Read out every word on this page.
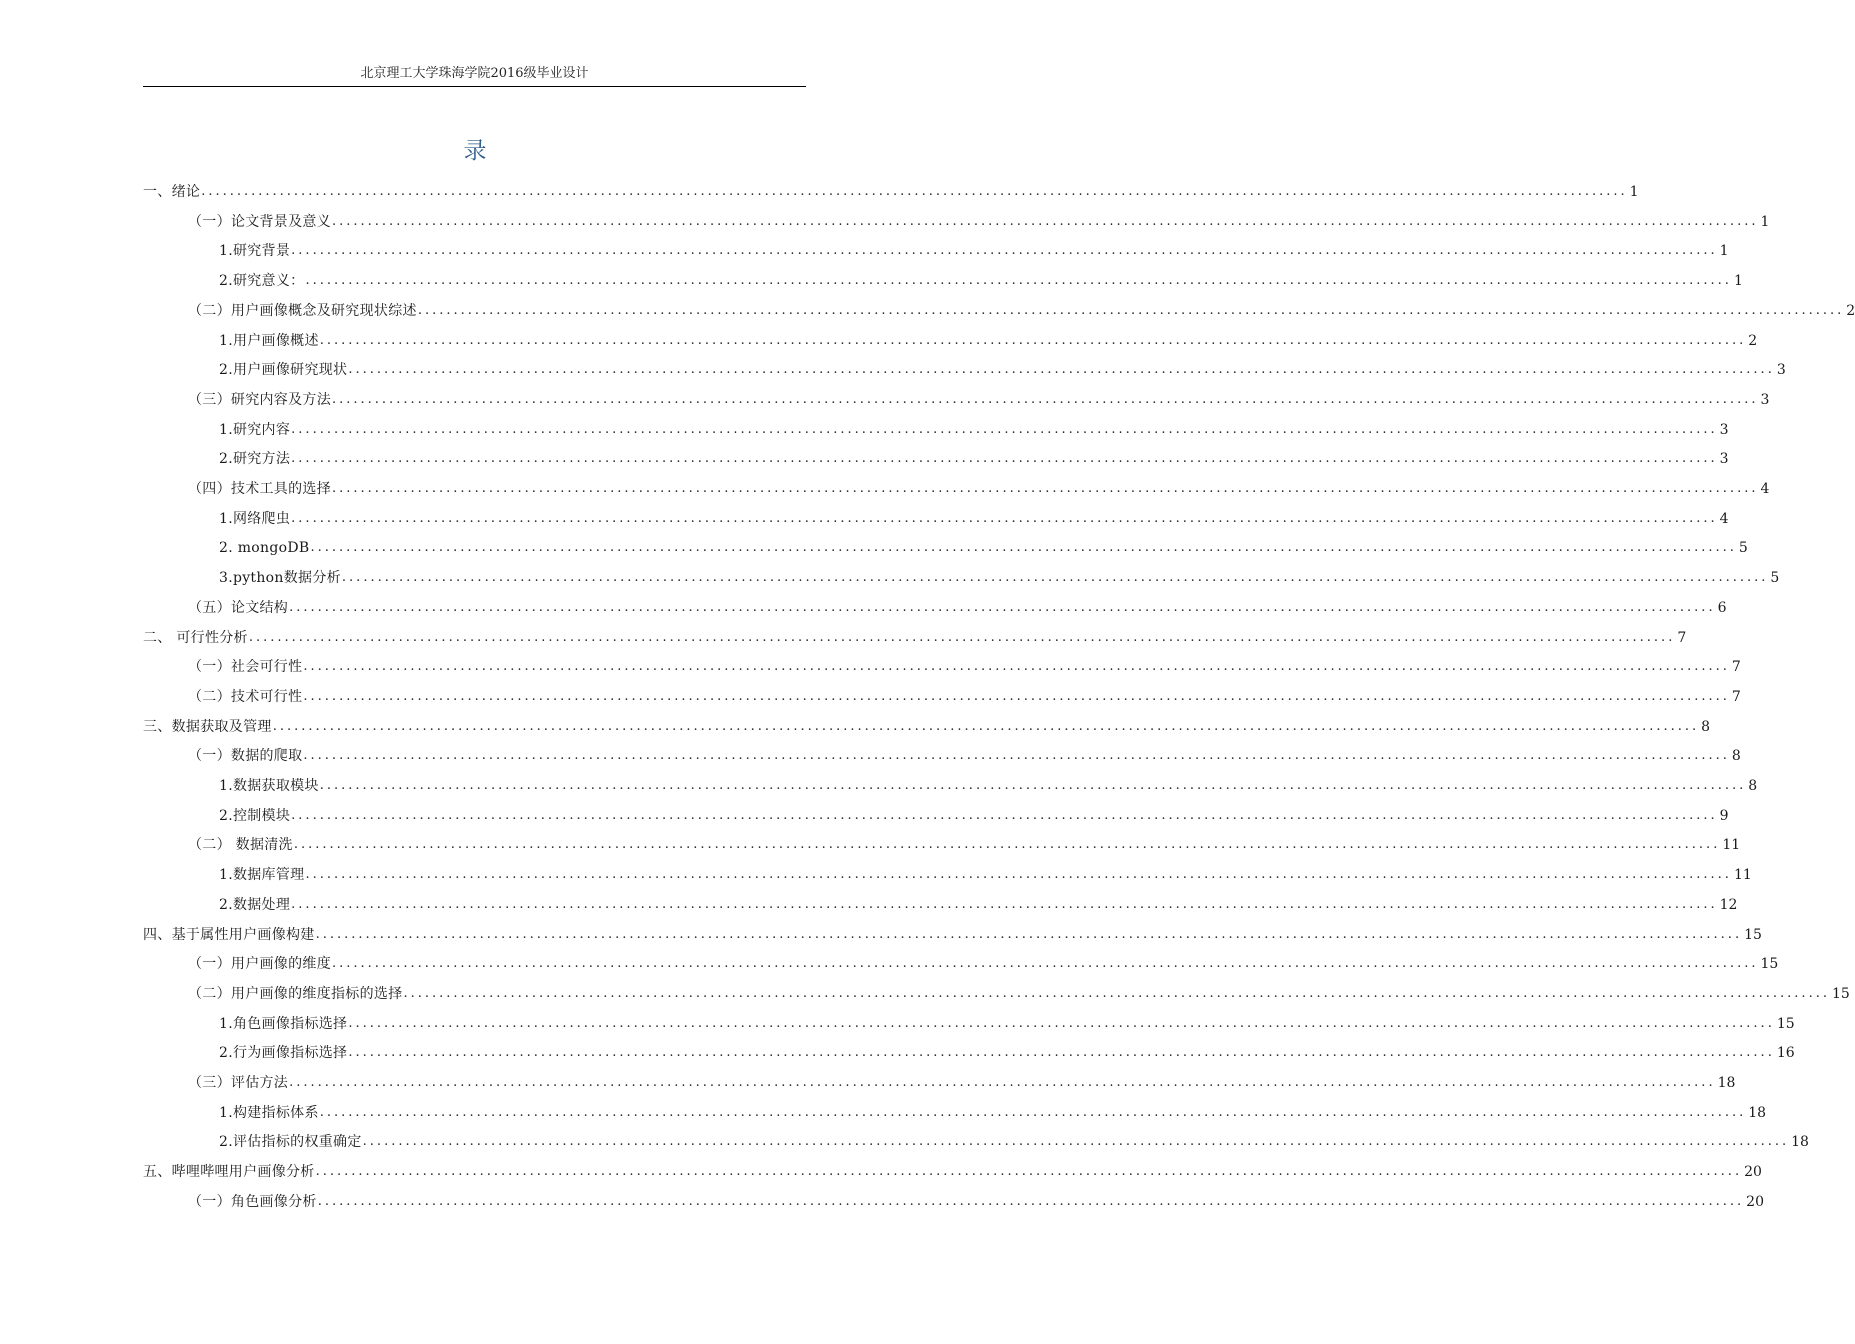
北京理工大学珠海学院2016级毕业设计
录
一、绪论 ........................................................................................................................................................................................................ 1
（一）论文背景及意义 ........................................................................................................................................................................................................ 1
1.研究背景 ........................................................................................................................................................................................................ 1
2.研究意义： ........................................................................................................................................................................................................ 1
（二）用户画像概念及研究现状综述 ........................................................................................................................................................................................................ 2
1.用户画像概述 ........................................................................................................................................................................................................ 2
2.用户画像研究现状 ........................................................................................................................................................................................................ 3
（三）研究内容及方法 ........................................................................................................................................................................................................ 3
1.研究内容 ........................................................................................................................................................................................................ 3
2.研究方法 ........................................................................................................................................................................................................ 3
（四）技术工具的选择 ........................................................................................................................................................................................................ 4
1.网络爬虫 ........................................................................................................................................................................................................ 4
2. mongoDB ........................................................................................................................................................................................................ 5
3.python数据分析 ........................................................................................................................................................................................................ 5
（五）论文结构 ........................................................................................................................................................................................................ 6
二、 可行性分析 ........................................................................................................................................................................................................ 7
（一）社会可行性 ........................................................................................................................................................................................................ 7
（二）技术可行性 ........................................................................................................................................................................................................ 7
三、数据获取及管理 ........................................................................................................................................................................................................ 8
（一）数据的爬取 ........................................................................................................................................................................................................ 8
1.数据获取模块 ........................................................................................................................................................................................................ 8
2.控制模块 ........................................................................................................................................................................................................ 9
（二） 数据清洗 ........................................................................................................................................................................................................ 11
1.数据库管理 ........................................................................................................................................................................................................ 11
2.数据处理 ........................................................................................................................................................................................................ 12
四、基于属性用户画像构建 ........................................................................................................................................................................................................ 15
（一）用户画像的维度 ........................................................................................................................................................................................................ 15
（二）用户画像的维度指标的选择 ........................................................................................................................................................................................................ 15
1.角色画像指标选择 ........................................................................................................................................................................................................ 15
2.行为画像指标选择 ........................................................................................................................................................................................................ 16
（三）评估方法 ........................................................................................................................................................................................................ 18
1.构建指标体系 ........................................................................................................................................................................................................ 18
2.评估指标的权重确定 ........................................................................................................................................................................................................ 18
五、哔哩哔哩用户画像分析 ........................................................................................................................................................................................................ 20
（一）角色画像分析 ........................................................................................................................................................................................................ 20
